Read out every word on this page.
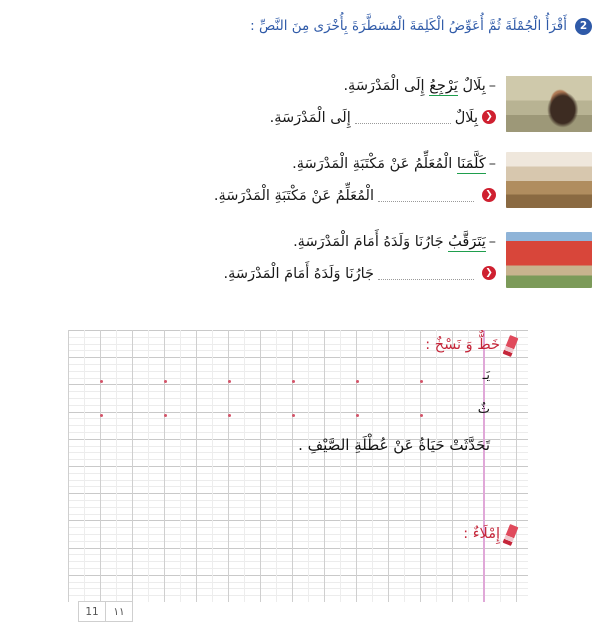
2
أَقْرَأُ الْجُمْلَةَ ثُمَّ أُعَوِّضُ الْكَلِمَةَ الْمُسَطَّرَةَ بِأُخْرَى مِنَ النَّصِّ :
–بِلَالٌ يَرْجِعُ إِلَى الْمَدْرَسَةِ.
❮بِلَالٌإِلَى الْمَدْرَسَةِ.
–كَلَّمَنَا الْمُعَلِّمُ عَنْ مَكْتَبَةِ الْمَدْرَسَةِ.
❮الْمُعَلِّمُ عَنْ مَكْتَبَةِ الْمَدْرَسَةِ.
–يَتَرَقَّبُ جَارُنَا وَلَدَهُ أَمَامَ الْمَدْرَسَةِ.
❮جَارُنَا وَلَدَهُ أَمَامَ الْمَدْرَسَةِ.
خَطٌّ وَ نَسْخٌ :
يَـ
ثٌ
تَحَدَّثَتْ حَيَاةُ عَنْ عُطْلَةِ الصَّيْفِ .
إِمْلَاءٌ :
11	١١
